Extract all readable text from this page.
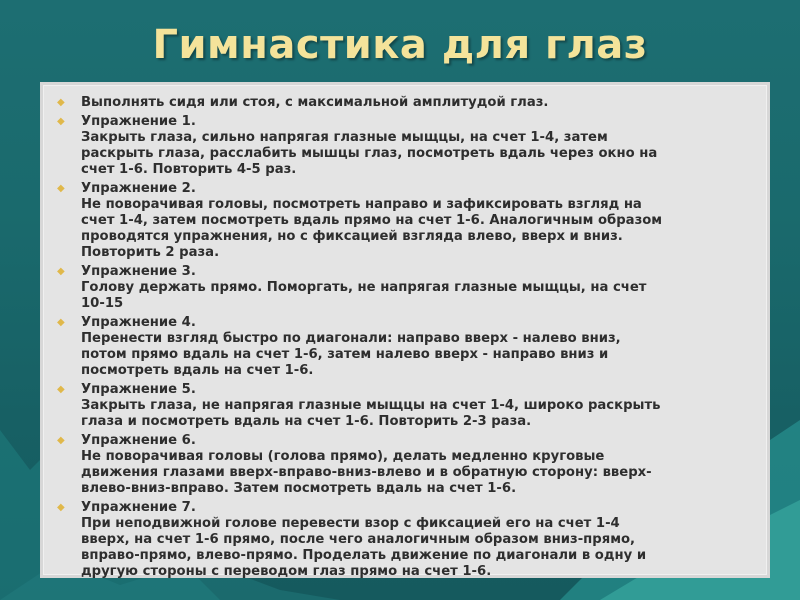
Гимнастика для глаз
◆ Выполнять сидя или стоя, с максимальной амплитудой глаз.
◆ Упражнение 1.
Закрыть глаза, сильно напрягая глазные мыщцы, на счет 1-4, затем
раскрыть глаза, расслабить мышцы глаз, посмотреть вдаль через окно на
счет 1-6. Повторить 4-5 раз.
◆ Упражнение 2.
Не поворачивая головы, посмотреть направо и зафиксировать взгляд на
счет 1-4, затем посмотреть вдаль прямо на счет 1-6. Аналогичным образом
проводятся упражнения, но с фиксацией взгляда влево, вверх и вниз.
Повторить 2 раза.
◆ Упражнение 3.
Голову держать прямо. Поморгать, не напрягая глазные мыщцы, на счет
10-15
◆ Упражнение 4.
Перенести взгляд быстро по диагонали: направо вверх - налево вниз,
потом прямо вдаль на счет 1-6, затем налево вверх - направо вниз и
посмотреть вдаль на счет 1-6.
◆ Упражнение 5.
Закрыть глаза, не напрягая глазные мыщцы на счет 1-4, широко раскрыть
глаза и посмотреть вдаль на счет 1-6. Повторить 2-3 раза.
◆ Упражнение 6.
Не поворачивая головы (голова прямо), делать медленно круговые
движения глазами вверх-вправо-вниз-влево и в обратную сторону: вверх-
влево-вниз-вправо. Затем посмотреть вдаль на счет 1-6.
◆ Упражнение 7.
При неподвижной голове перевести взор с фиксацией его на счет 1-4
вверх, на счет 1-6 прямо, после чего аналогичным образом вниз-прямо,
вправо-прямо, влево-прямо. Проделать движение по диагонали в одну и
другую стороны с переводом глаз прямо на счет 1-6.
